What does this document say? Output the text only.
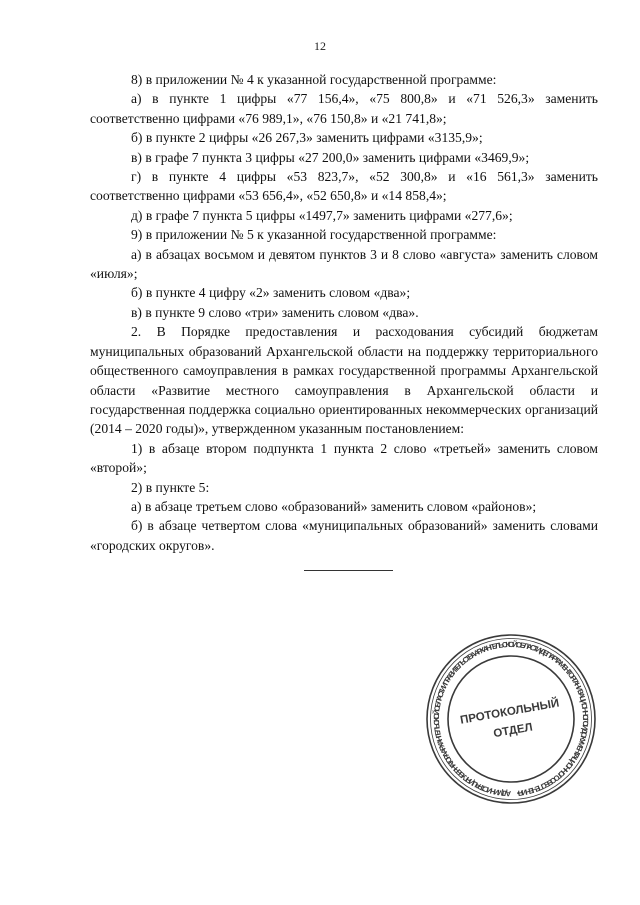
12

8) в приложении № 4 к указанной государственной программе:

а) в пункте 1 цифры «77 156,4», «75 800,8» и «71 526,3» заменить соответственно цифрами «76 989,1», «76 150,8» и «21 741,8»;

б) в пункте 2 цифры «26 267,3» заменить цифрами «3135,9»;

в) в графе 7 пункта 3 цифры «27 200,0» заменить цифрами «3469,9»;

г) в пункте 4 цифры «53 823,7», «52 300,8» и «16 561,3» заменить соответственно цифрами «53 656,4», «52 650,8» и «14 858,4»;

д) в графе 7 пункта 5 цифры «1497,7» заменить цифрами «277,6»;

9) в приложении № 5 к указанной государственной программе:

а) в абзацах восьмом и девятом пунктов 3 и 8 слово «августа» заменить словом «июля»;

б) в пункте 4 цифру «2» заменить словом «два»;

в) в пункте 9 слово «три» заменить словом «два».

2. В Порядке предоставления и расходования субсидий бюджетам муниципальных образований Архангельской области на поддержку территориального общественного самоуправления в рамках государственной программы Архангельской области «Развитие местного самоуправления в Архангельской области и государственная поддержка социально ориентированных некоммерческих организаций (2014 – 2020 годы)», утвержденном указанным постановлением:

1) в абзаце втором подпункта 1 пункта 2 слово «третьей» заменить словом «второй»;

2) в пункте 5:

а) в абзаце третьем слово «образований» заменить словом «районов»;

б) в абзаце четвертом слова «муниципальных образований» заменить словами «городских округов».

АДМИНИСТРАЦИЯ ГУБЕРНАТОРА АРХАНГЕЛЬСКОЙ ОБЛАСТИ И ПРАВИТЕЛЬСТВА АРХАНГЕЛЬСКОЙ ОБЛАСТИ • ДЕПАРТАМЕНТ ОРГАНИЗАЦИОННОГО И ДОКУМЕНТАЦИОННОГО ОБЕСПЕЧЕНИЯ •
ПРОТОКОЛЬНЫЙ
ОТДЕЛ
